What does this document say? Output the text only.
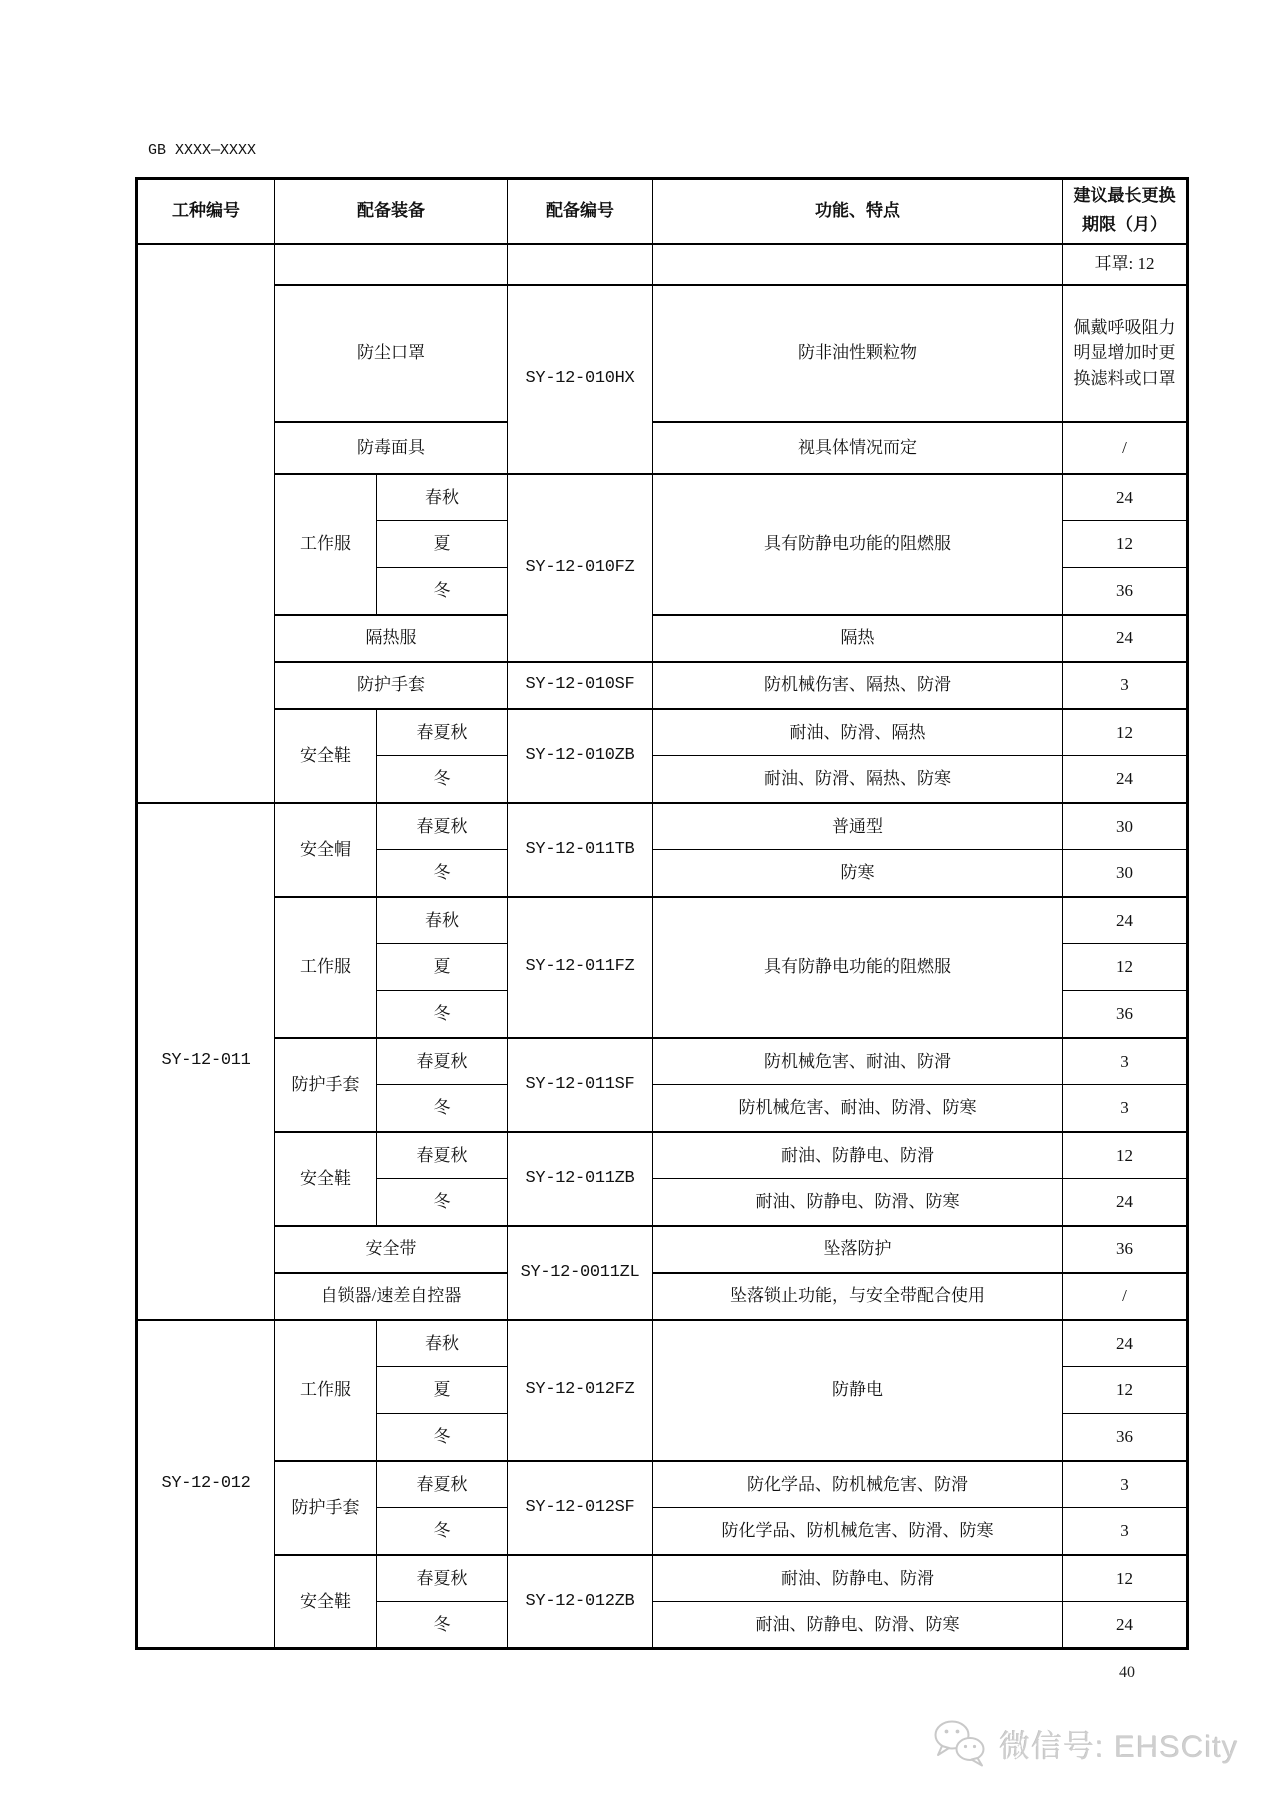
GB XXXX—XXXX
工种编号	配备装备		配备编号	功能、特点	建议最长更换期限（月）
					耳罩: 12
	防尘口罩		SY-12-010HX	防非油性颗粒物	佩戴呼吸阻力明显增加时更换滤料或口罩
	防毒面具			视具体情况而定	/
	工作服	春秋	SY-12-010FZ	具有防静电功能的阻燃服	24
		夏			12
		冬			36
	隔热服			隔热	24
	防护手套		SY-12-010SF	防机械伤害、隔热、防滑	3
	安全鞋	春夏秋	SY-12-010ZB	耐油、防滑、隔热	12
		冬		耐油、防滑、隔热、防寒	24
SY-12-011	安全帽	春夏秋	SY-12-011TB	普通型	30
		冬		防寒	30
	工作服	春秋	SY-12-011FZ	具有防静电功能的阻燃服	24
		夏			12
		冬			36
	防护手套	春夏秋	SY-12-011SF	防机械危害、耐油、防滑	3
		冬		防机械危害、耐油、防滑、防寒	3
	安全鞋	春夏秋	SY-12-011ZB	耐油、防静电、防滑	12
		冬		耐油、防静电、防滑、防寒	24
	安全带		SY-12-0011ZL	坠落防护	36
	自锁器/速差自控器			坠落锁止功能，与安全带配合使用	/
SY-12-012	工作服	春秋	SY-12-012FZ	防静电	24
		夏			12
		冬			36
	防护手套	春夏秋	SY-12-012SF	防化学品、防机械危害、防滑	3
		冬		防化学品、防机械危害、防滑、防寒	3
	安全鞋	春夏秋	SY-12-012ZB	耐油、防静电、防滑	12
		冬		耐油、防静电、防滑、防寒	24
40
微信号: EHSCity
